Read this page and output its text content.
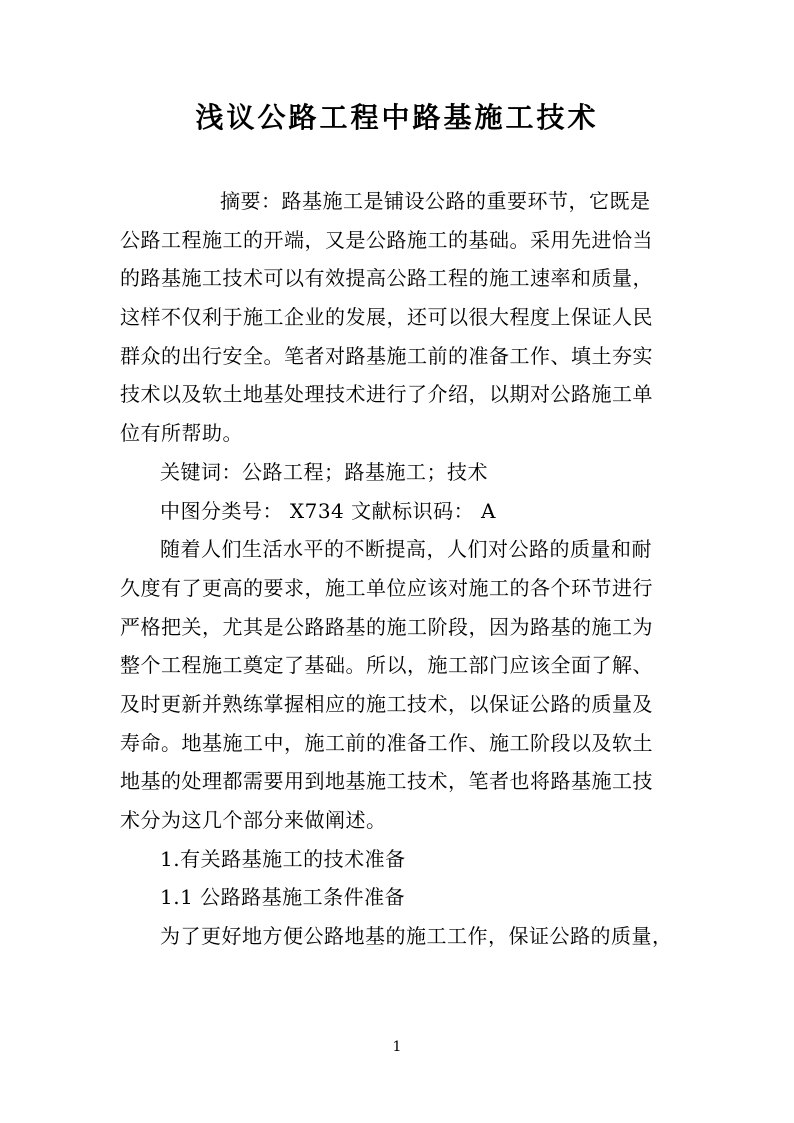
浅议公路工程中路基施工技术
摘要：路基施工是铺设公路的重要环节，它既是
公路工程施工的开端，又是公路施工的基础。采用先进恰当
的路基施工技术可以有效提高公路工程的施工速率和质量，
这样不仅利于施工企业的发展，还可以很大程度上保证人民
群众的出行安全。笔者对路基施工前的准备工作、填土夯实
技术以及软土地基处理技术进行了介绍，以期对公路施工单
位有所帮助。
关键词：公路工程；路基施工；技术
中图分类号： X734 文献标识码： A
随着人们生活水平的不断提高，人们对公路的质量和耐
久度有了更高的要求，施工单位应该对施工的各个环节进行
严格把关，尤其是公路路基的施工阶段，因为路基的施工为
整个工程施工奠定了基础。所以，施工部门应该全面了解、
及时更新并熟练掌握相应的施工技术，以保证公路的质量及
寿命。地基施工中，施工前的准备工作、施工阶段以及软土
地基的处理都需要用到地基施工技术，笔者也将路基施工技
术分为这几个部分来做阐述。
1.有关路基施工的技术准备
1.1 公路路基施工条件准备
为了更好地方便公路地基的施工工作，保证公路的质量，
1
